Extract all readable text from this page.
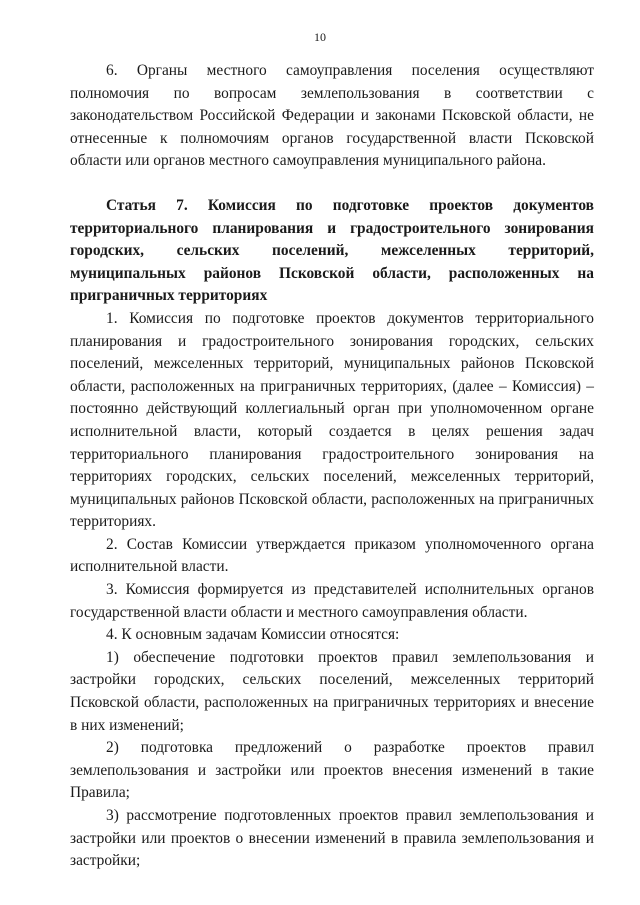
10

6. Органы местного самоуправления поселения осуществляют полномочия по вопросам землепользования в соответствии с законодательством Российской Федерации и законами Псковской области, не отнесенные к полномочиям органов государственной власти Псковской области или органов местного самоуправления муниципального района.

Статья 7. Комиссия по подготовке проектов документов территориального планирования и градостроительного зонирования городских, сельских поселений, межселенных территорий, муниципальных районов Псковской области, расположенных на приграничных территориях

1. Комиссия по подготовке проектов документов территориального планирования и градостроительного зонирования городских, сельских поселений, межселенных территорий, муниципальных районов Псковской области, расположенных на приграничных территориях, (далее – Комиссия) – постоянно действующий коллегиальный орган при уполномоченном органе исполнительной власти, который создается в целях решения задач территориального планирования градостроительного зонирования на территориях городских, сельских поселений, межселенных территорий, муниципальных районов Псковской области, расположенных на приграничных территориях.

2. Состав Комиссии утверждается приказом уполномоченного органа исполнительной власти.

3. Комиссия формируется из представителей исполнительных органов государственной власти области и местного самоуправления области.

4. К основным задачам Комиссии относятся:

1) обеспечение подготовки проектов правил землепользования и застройки городских, сельских поселений, межселенных территорий Псковской области, расположенных на приграничных территориях и внесение в них изменений;

2) подготовка предложений о разработке проектов правил землепользования и застройки или проектов внесения изменений в такие Правила;

3) рассмотрение подготовленных проектов правил землепользования и застройки или проектов о внесении изменений в правила землепользования и застройки;
